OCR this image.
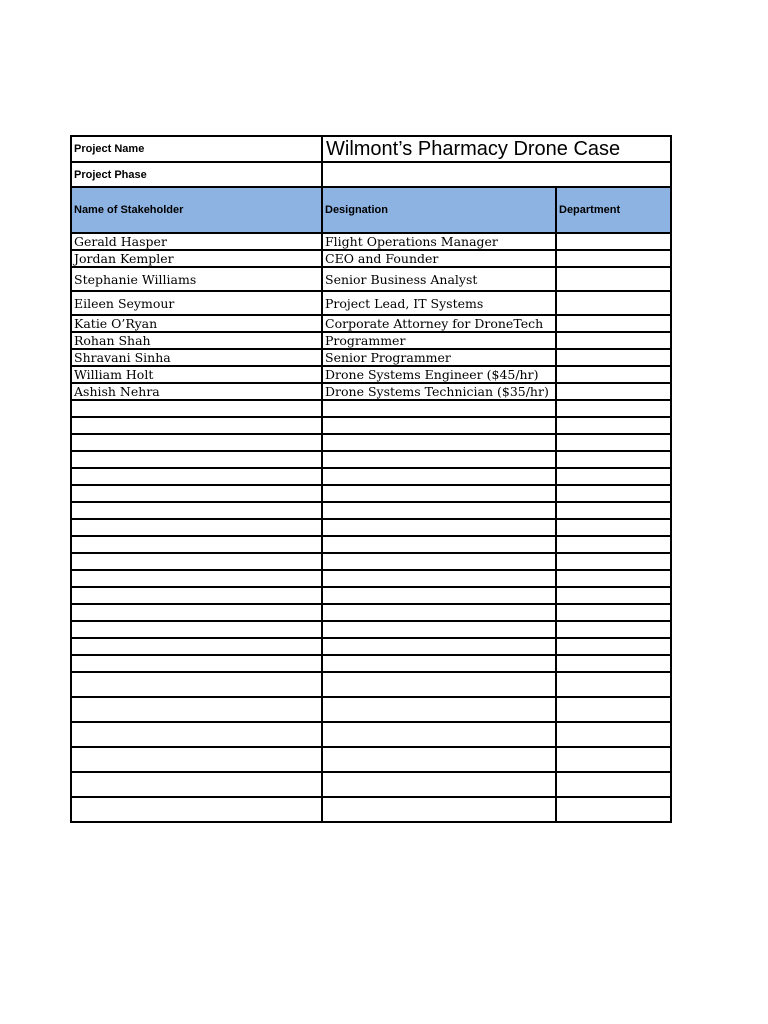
Project Name	Wilmont’s Pharmacy Drone Case	
Project Phase		
Name of Stakeholder	Designation	Department
Gerald Hasper	Flight Operations Manager	
Jordan Kempler	CEO and Founder	
Stephanie Williams	Senior Business Analyst	
Eileen Seymour	Project Lead, IT Systems	
Katie O’Ryan	Corporate Attorney for DroneTech	
Rohan Shah	Programmer	
Shravani Sinha	Senior Programmer	
William Holt	Drone Systems Engineer ($45/hr)	
Ashish Nehra	Drone Systems Technician ($35/hr)	
